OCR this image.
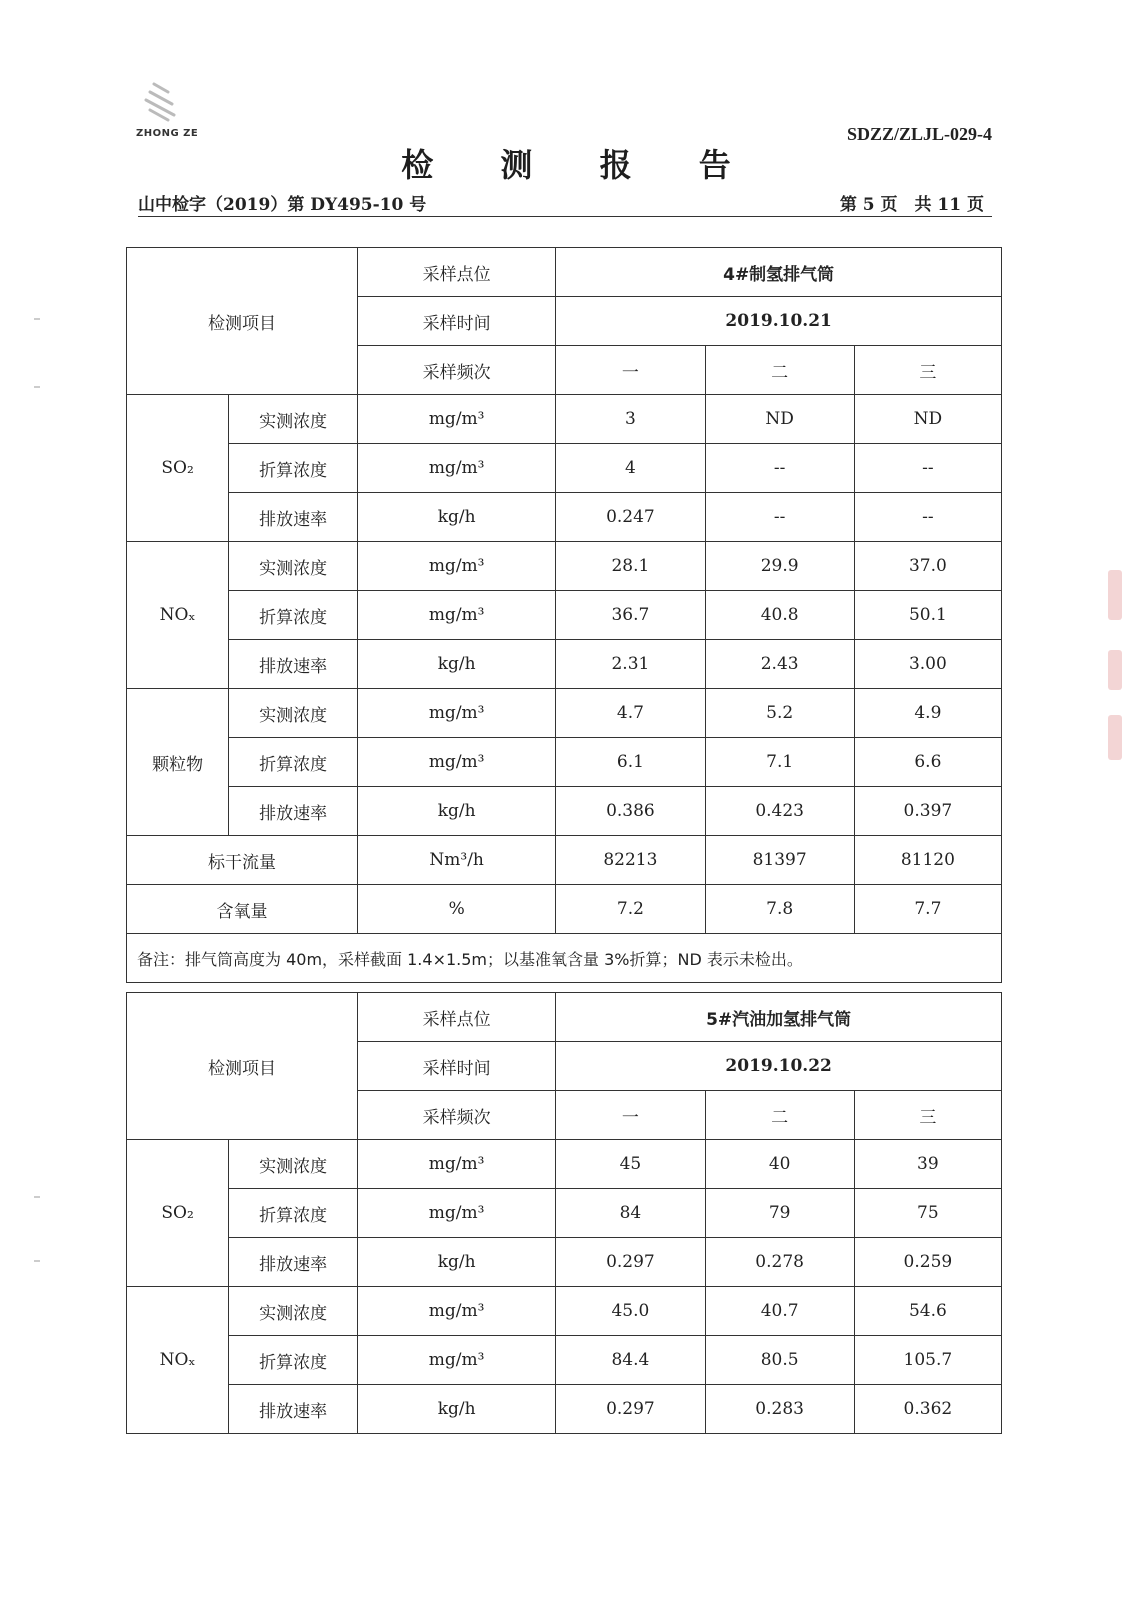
ZHONG ZE	SDZZ/ZLJL-029-4
检 测 报 告
山中检字（2019）第 DY495-10 号	第 5 页　共 11 页
检测项目		采样点位	4#制氢排气筒		
		采样时间	2019.10.21		
		采样频次	一	二	三
SO₂	实测浓度	mg/m³	3	ND	ND
	折算浓度	mg/m³	4	--	--
	排放速率	kg/h	0.247	--	--
NOₓ	实测浓度	mg/m³	28.1	29.9	37.0
	折算浓度	mg/m³	36.7	40.8	50.1
	排放速率	kg/h	2.31	2.43	3.00
颗粒物	实测浓度	mg/m³	4.7	5.2	4.9
	折算浓度	mg/m³	6.1	7.1	6.6
	排放速率	kg/h	0.386	0.423	0.397
标干流量		Nm³/h	82213	81397	81120
含氧量		%	7.2	7.8	7.7
备注：排气筒高度为 40m，采样截面 1.4×1.5m；以基准氧含量 3%折算；ND 表示未检出。					
检测项目		采样点位	5#汽油加氢排气筒		
		采样时间	2019.10.22		
		采样频次	一	二	三
SO₂	实测浓度	mg/m³	45	40	39
	折算浓度	mg/m³	84	79	75
	排放速率	kg/h	0.297	0.278	0.259
NOₓ	实测浓度	mg/m³	45.0	40.7	54.6
	折算浓度	mg/m³	84.4	80.5	105.7
	排放速率	kg/h	0.297	0.283	0.362
